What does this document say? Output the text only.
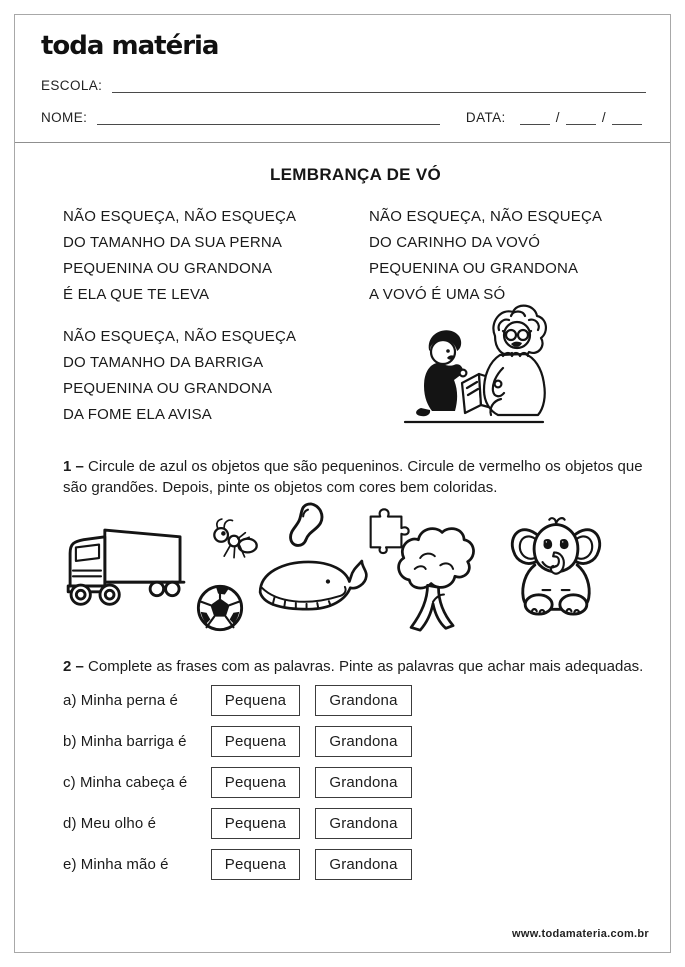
toda matéria
ESCOLA:
NOME:	DATA:	/	/
LEMBRANÇA DE VÓ
NÃO ESQUEÇA, NÃO ESQUEÇA
DO TAMANHO DA SUA PERNA
PEQUENINA OU GRANDONA
É ELA QUE TE LEVA
NÃO ESQUEÇA, NÃO ESQUEÇA
DO CARINHO DA VOVÓ
PEQUENINA OU GRANDONA
A VOVÓ É UMA SÓ
NÃO ESQUEÇA, NÃO ESQUEÇA
DO TAMANHO DA BARRIGA
PEQUENINA OU GRANDONA
DA FOME ELA AVISA

1 – Circule de azul os objetos que são pequeninos. Circule de vermelho os objetos que são grandões. Depois, pinte os objetos com cores bem coloridas.

2 – Complete as frases com as palavras. Pinte as palavras que achar mais adequadas.

a) Minha perna é	Pequena	Grandona
b) Minha barriga é	Pequena	Grandona
c) Minha cabeça é	Pequena	Grandona
d) Meu olho é	Pequena	Grandona
e) Minha mão é	Pequena	Grandona
www.todamateria.com.br
